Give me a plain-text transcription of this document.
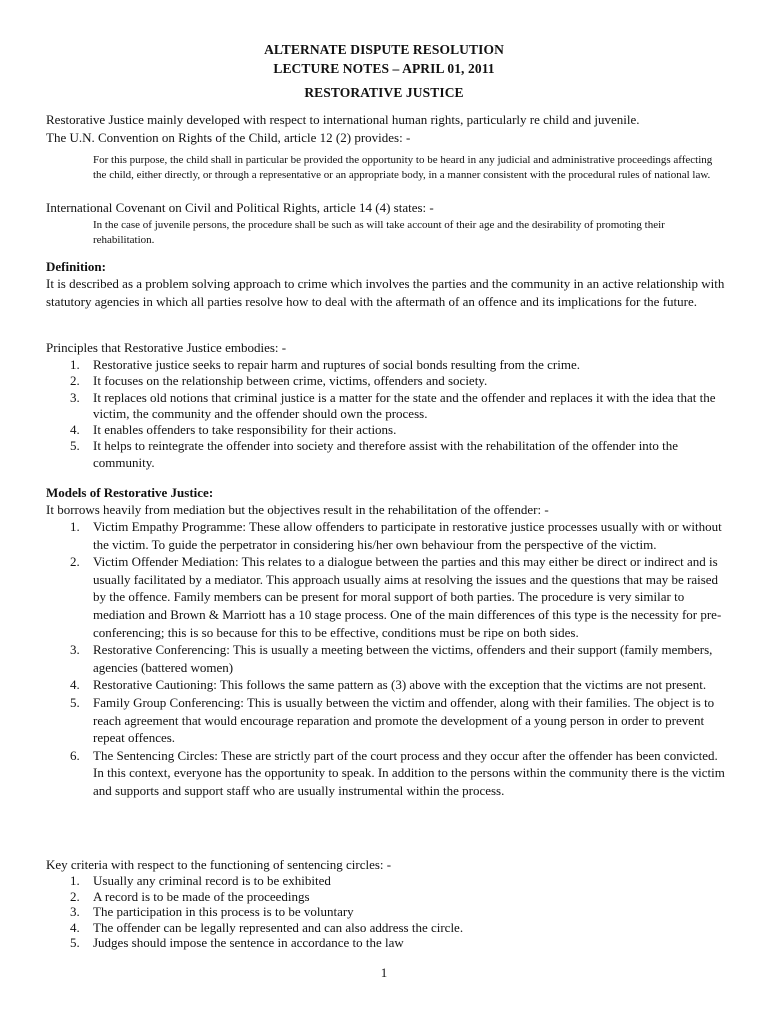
ALTERNATE DISPUTE RESOLUTION
LECTURE NOTES – APRIL 01, 2011
RESTORATIVE JUSTICE
Restorative Justice mainly developed with respect to international human rights, particularly re child and juvenile.
The U.N. Convention on Rights of the Child, article 12 (2) provides: -
For this purpose, the child shall in particular be provided the opportunity to be heard in any judicial and administrative proceedings affecting the child, either directly, or through a representative or an appropriate body, in a manner consistent with the procedural rules of national law.
International Covenant on Civil and Political Rights, article 14 (4) states: -
In the case of juvenile persons, the procedure shall be such as will take account of their age and the desirability of promoting their rehabilitation.
Definition:
It is described as a problem solving approach to crime which involves the parties and the community in an active relationship with statutory agencies in which all parties resolve how to deal with the aftermath of an offence and its implications for the future.
Principles that Restorative Justice embodies: -
1. Restorative justice seeks to repair harm and ruptures of social bonds resulting from the crime.
2. It focuses on the relationship between crime, victims, offenders and society.
3. It replaces old notions that criminal justice is a matter for the state and the offender and replaces it with the idea that the victim, the community and the offender should own the process.
4. It enables offenders to take responsibility for their actions.
5. It helps to reintegrate the offender into society and therefore assist with the rehabilitation of the offender into the community.
Models of Restorative Justice:
It borrows heavily from mediation but the objectives result in the rehabilitation of the offender: -
1. Victim Empathy Programme: These allow offenders to participate in restorative justice processes usually with or without the victim. To guide the perpetrator in considering his/her own behaviour from the perspective of the victim.
2. Victim Offender Mediation: This relates to a dialogue between the parties and this may either be direct or indirect and is usually facilitated by a mediator. This approach usually aims at resolving the issues and the questions that may be raised by the offence. Family members can be present for moral support of both parties. The procedure is very similar to mediation and Brown & Marriott has a 10 stage process. One of the main differences of this type is the necessity for pre-conferencing; this is so because for this to be effective, conditions must be ripe on both sides.
3. Restorative Conferencing: This is usually a meeting between the victims, offenders and their support (family members, agencies (battered women)
4. Restorative Cautioning: This follows the same pattern as (3) above with the exception that the victims are not present.
5. Family Group Conferencing: This is usually between the victim and offender, along with their families. The object is to reach agreement that would encourage reparation and promote the development of a young person in order to prevent repeat offences.
6. The Sentencing Circles: These are strictly part of the court process and they occur after the offender has been convicted. In this context, everyone has the opportunity to speak. In addition to the persons within the community there is the victim and supports and support staff who are usually instrumental within the process.
Key criteria with respect to the functioning of sentencing circles: -
1. Usually any criminal record is to be exhibited
2. A record is to be made of the proceedings
3. The participation in this process is to be voluntary
4. The offender can be legally represented and can also address the circle.
5. Judges should impose the sentence in accordance to the law
1
